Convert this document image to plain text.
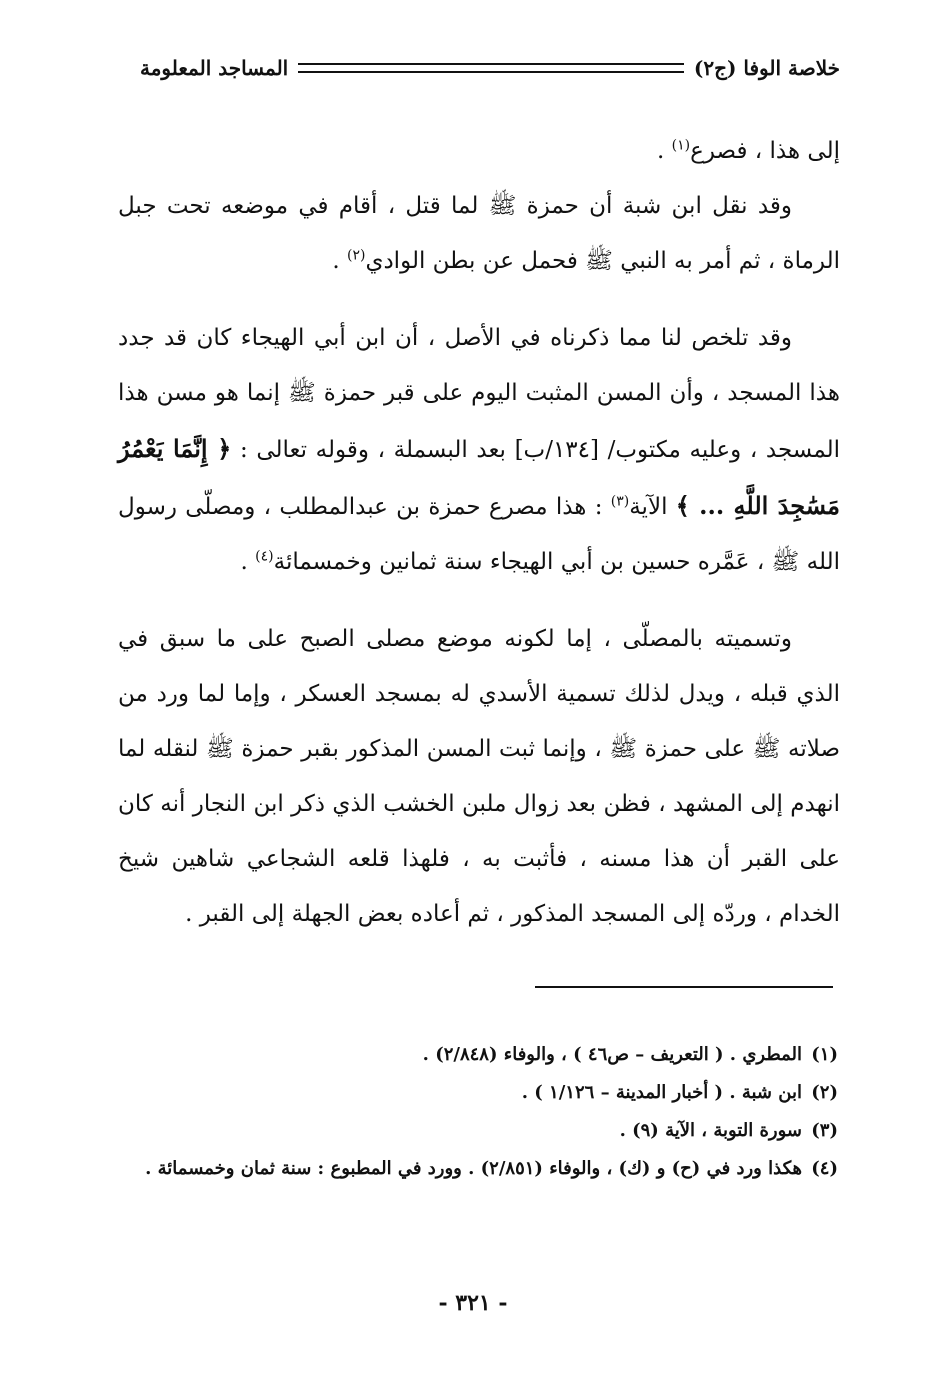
خلاصة الوفا (ج٢)
المساجد المعلومة

إلى هذا ، فصرع$^{(١)}$ .

وقد نقل ابن شبة أن حمزة ﷺ لما قتل ، أقام في موضعه تحت جبل الرماة ، ثم أمر به النبي ﷺ فحمل عن بطن الوادي$^{(٢)}$ .

وقد تلخص لنا مما ذكرناه في الأصل ، أن ابن أبي الهيجاء كان قد جدد هذا المسجد ، وأن المسن المثبت اليوم على قبر حمزة ﷺ إنما هو مسن هذا المسجد ، وعليه مكتوب/ [١٣٤/ب] بعد البسملة ، وقوله تعالى : ﴿ إِنَّمَا يَعْمُرُ مَسَٰجِدَ اللَّهِ ... ﴾ الآية$^{(٣)}$ : هذا مصرع حمزة بن عبدالمطلب ، ومصلّى رسول الله ﷺ ، عَمَّره حسين بن أبي الهيجاء سنة ثمانين وخمسمائة$^{(٤)}$ .

وتسميته بالمصلّى ، إما لكونه موضع مصلى الصبح على ما سبق في الذي قبله ، ويدل لذلك تسمية الأسدي له بمسجد العسكر ، وإما لما ورد من صلاته ﷺ على حمزة ﷺ ، وإنما ثبت المسن المذكور بقبر حمزة ﷺ لنقله لما انهدم إلى المشهد ، فظن بعد زوال ملبن الخشب الذي ذكر ابن النجار أنه كان على القبر أن هذا مسنه ، فأثبت به ، فلهذا قلعه الشجاعي شاهين شيخ الخدام ، وردّه إلى المسجد المذكور ، ثم أعاده بعض الجهلة إلى القبر .

(١)
المطري . ( التعريف – ص٤٦ ) ، والوفاء (٢/٨٤٨) .
(٢)
ابن شبة . ( أخبار المدينة – ١/١٢٦ ) .
(٣)
سورة التوبة ، الآية (٩) .
(٤)
هكذا ورد في (ح) و (ك) ، والوفاء (٢/٨٥١) . وورد في المطبوع : سنة ثمان وخمسمائة .
- ٣٢١ -
